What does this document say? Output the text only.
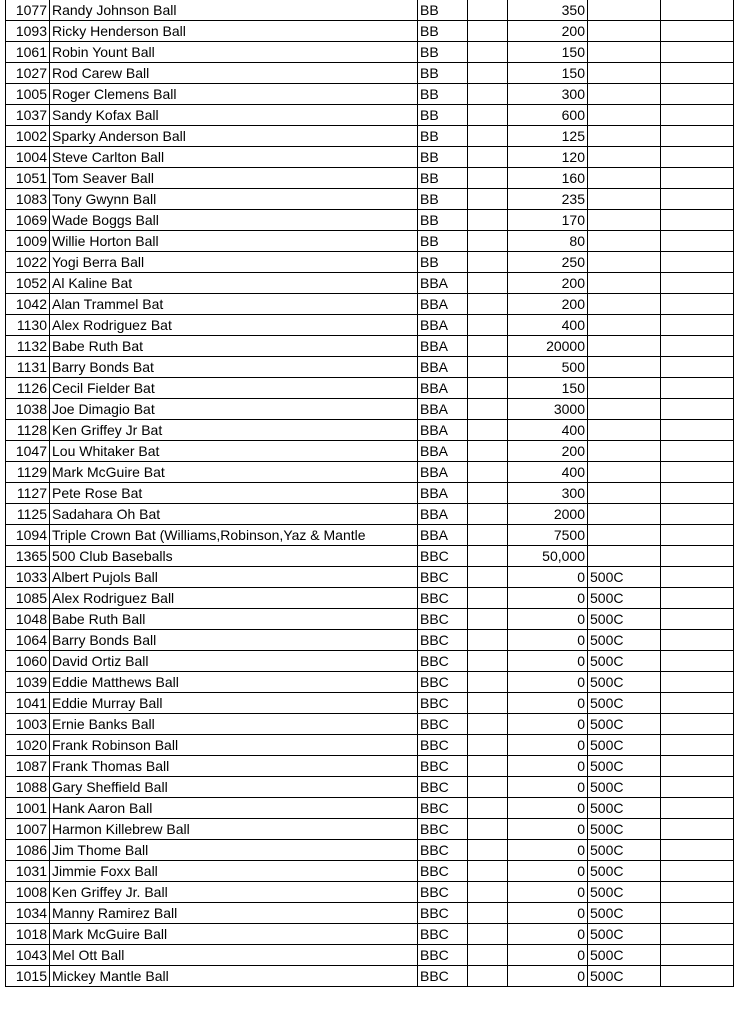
1077	Randy Johnson Ball	BB		350		
1093	Ricky Henderson Ball	BB		200		
1061	Robin Yount Ball	BB		150		
1027	Rod Carew Ball	BB		150		
1005	Roger Clemens Ball	BB		300		
1037	Sandy Kofax Ball	BB		600		
1002	Sparky Anderson Ball	BB		125		
1004	Steve Carlton Ball	BB		120		
1051	Tom Seaver Ball	BB		160		
1083	Tony Gwynn Ball	BB		235		
1069	Wade Boggs Ball	BB		170		
1009	Willie Horton Ball	BB		80		
1022	Yogi Berra Ball	BB		250		
1052	Al Kaline Bat	BBA		200		
1042	Alan Trammel Bat	BBA		200		
1130	Alex Rodriguez Bat	BBA		400		
1132	Babe Ruth Bat	BBA		20000		
1131	Barry Bonds Bat	BBA		500		
1126	Cecil Fielder Bat	BBA		150		
1038	Joe Dimagio Bat	BBA		3000		
1128	Ken Griffey Jr Bat	BBA		400		
1047	Lou Whitaker Bat	BBA		200		
1129	Mark McGuire Bat	BBA		400		
1127	Pete Rose Bat	BBA		300		
1125	Sadahara Oh Bat	BBA		2000		
1094	Triple Crown Bat (Williams,Robinson,Yaz & Mantle	BBA		7500		
1365	500 Club Baseballs	BBC		50,000		
1033	Albert Pujols Ball	BBC		0	500C	
1085	Alex Rodriguez Ball	BBC		0	500C	
1048	Babe Ruth Ball	BBC		0	500C	
1064	Barry Bonds Ball	BBC		0	500C	
1060	David Ortiz Ball	BBC		0	500C	
1039	Eddie Matthews Ball	BBC		0	500C	
1041	Eddie Murray Ball	BBC		0	500C	
1003	Ernie Banks Ball	BBC		0	500C	
1020	Frank Robinson Ball	BBC		0	500C	
1087	Frank Thomas Ball	BBC		0	500C	
1088	Gary Sheffield Ball	BBC		0	500C	
1001	Hank Aaron Ball	BBC		0	500C	
1007	Harmon Killebrew Ball	BBC		0	500C	
1086	Jim Thome Ball	BBC		0	500C	
1031	Jimmie Foxx Ball	BBC		0	500C	
1008	Ken Griffey Jr. Ball	BBC		0	500C	
1034	Manny Ramirez Ball	BBC		0	500C	
1018	Mark McGuire Ball	BBC		0	500C	
1043	Mel Ott Ball	BBC		0	500C	
1015	Mickey Mantle Ball	BBC		0	500C	
